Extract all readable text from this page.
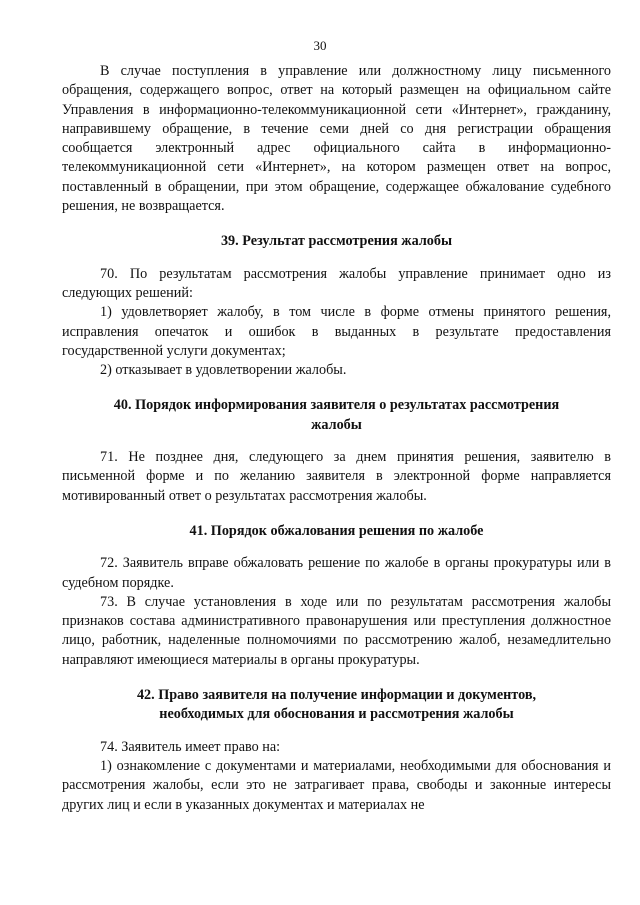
30

В случае поступления в управление или должностному лицу письменного обращения, содержащего вопрос, ответ на который размещен на официальном сайте Управления в информационно-телекоммуникационной сети «Интернет», гражданину, направившему обращение, в течение семи дней со дня регистрации обращения сообщается электронный адрес официального сайта в информационно-телекоммуникационной сети «Интернет», на котором размещен ответ на вопрос, поставленный в обращении, при этом обращение, содержащее обжалование судебного решения, не возвращается.

39. Результат рассмотрения жалобы

70. По результатам рассмотрения жалобы управление принимает одно из следующих решений:

1) удовлетворяет жалобу, в том числе в форме отмены принятого решения, исправления опечаток и ошибок в выданных в результате предоставления государственной услуги документах;

2) отказывает в удовлетворении жалобы.

40. Порядок информирования заявителя о результатах рассмотрения жалобы

71. Не позднее дня, следующего за днем принятия решения, заявителю в письменной форме и по желанию заявителя в электронной форме направляется мотивированный ответ о результатах рассмотрения жалобы.

41. Порядок обжалования решения по жалобе

72. Заявитель вправе обжаловать решение по жалобе в органы прокуратуры или в судебном порядке.

73. В случае установления в ходе или по результатам рассмотрения жалобы признаков состава административного правонарушения или преступления должностное лицо, работник, наделенные полномочиями по рассмотрению жалоб, незамедлительно направляют имеющиеся материалы в органы прокуратуры.

42. Право заявителя на получение информации и документов, необходимых для обоснования и рассмотрения жалобы

74. Заявитель имеет право на:

1) ознакомление с документами и материалами, необходимыми для обоснования и рассмотрения жалобы, если это не затрагивает права, свободы и законные интересы других лиц и если в указанных документах и материалах не
